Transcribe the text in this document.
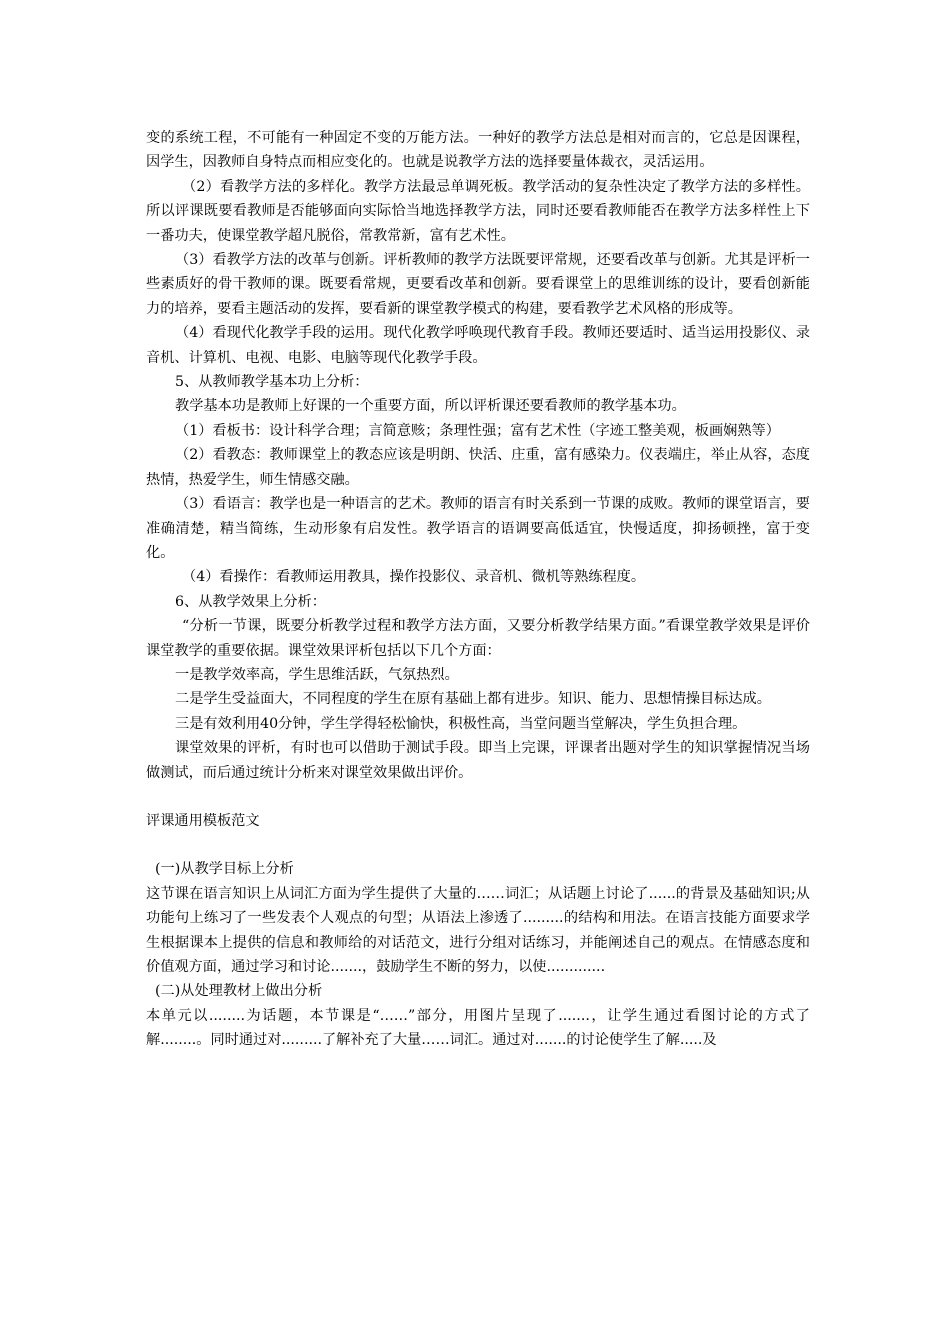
变的系统工程，不可能有一种固定不变的万能方法。一种好的教学方法总是相对而言的，它总是因课程，因学生，因教师自身特点而相应变化的。也就是说教学方法的选择要量体裁衣，灵活运用。

（2）看教学方法的多样化。教学方法最忌单调死板。教学活动的复杂性决定了教学方法的多样性。所以评课既要看教师是否能够面向实际恰当地选择教学方法，同时还要看教师能否在教学方法多样性上下一番功夫，使课堂教学超凡脱俗，常教常新，富有艺术性。

（3）看教学方法的改革与创新。评析教师的教学方法既要评常规，还要看改革与创新。尤其是评析一些素质好的骨干教师的课。既要看常规，更要看改革和创新。要看课堂上的思维训练的设计，要看创新能力的培养，要看主题活动的发挥，要看新的课堂教学模式的构建，要看教学艺术风格的形成等。

（4）看现代化教学手段的运用。现代化教学呼唤现代教育手段。教师还要适时、适当运用投影仪、录音机、计算机、电视、电影、电脑等现代化教学手段。

5、从教师教学基本功上分析：

教学基本功是教师上好课的一个重要方面，所以评析课还要看教师的教学基本功。

（1）看板书：设计科学合理；言简意赅；条理性强；富有艺术性（字迹工整美观，板画娴熟等）

（2）看教态：教师课堂上的教态应该是明朗、快活、庄重，富有感染力。仪表端庄，举止从容，态度热情，热爱学生，师生情感交融。

（3）看语言：教学也是一种语言的艺术。教师的语言有时关系到一节课的成败。教师的课堂语言，要准确清楚，精当简练，生动形象有启发性。教学语言的语调要高低适宜，快慢适度，抑扬顿挫，富于变化。

（4）看操作：看教师运用教具，操作投影仪、录音机、微机等熟练程度。

6、从教学效果上分析：

“分析一节课，既要分析教学过程和教学方法方面，又要分析教学结果方面。”看课堂教学效果是评价课堂教学的重要依据。课堂效果评析包括以下几个方面：

一是教学效率高，学生思维活跃，气氛热烈。

二是学生受益面大，不同程度的学生在原有基础上都有进步。知识、能力、思想情操目标达成。

三是有效利用40分钟，学生学得轻松愉快，积极性高，当堂问题当堂解决，学生负担合理。

课堂效果的评析，有时也可以借助于测试手段。即当上完课，评课者出题对学生的知识掌握情况当场做测试，而后通过统计分析来对课堂效果做出评价。

评课通用模板范文

(一)从教学目标上分析

这节课在语言知识上从词汇方面为学生提供了大量的……词汇；从话题上讨论了......的背景及基础知识;从功能句上练习了一些发表个人观点的句型；从语法上渗透了.........的结构和用法。在语言技能方面要求学生根据课本上提供的信息和教师给的对话范文，进行分组对话练习，并能阐述自己的观点。在情感态度和价值观方面，通过学习和讨论.......，鼓励学生不断的努力，以使.............

(二)从处理教材上做出分析

本单元以........为话题，本节课是“……”部分，用图片呈现了.......，让学生通过看图讨论的方式了解........。同时通过对.........了解补充了大量……词汇。通过对.......的讨论使学生了解.....及
